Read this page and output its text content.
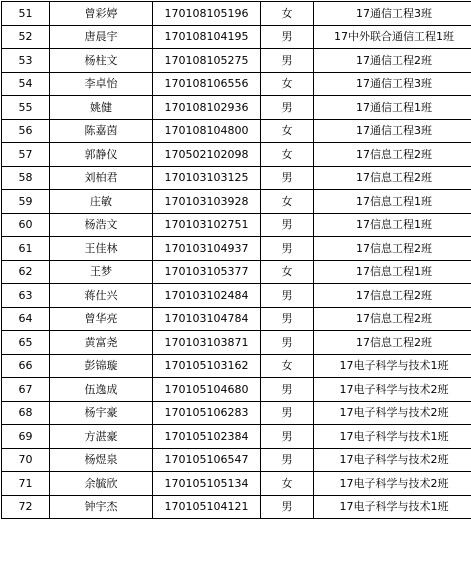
51	曾彩婷	170108105196	女	17通信工程3班
52	唐晨宇	170108104195	男	17中外联合通信工程1班
53	杨柱文	170108105275	男	17通信工程2班
54	李卓怡	170108106556	女	17通信工程3班
55	姚健	170108102936	男	17通信工程1班
56	陈嘉茵	170108104800	女	17通信工程3班
57	郭静仪	170502102098	女	17信息工程2班
58	刘柏君	170103103125	男	17信息工程2班
59	庄敏	170103103928	女	17信息工程1班
60	杨浩文	170103102751	男	17信息工程1班
61	王佳林	170103104937	男	17信息工程2班
62	王梦	170103105377	女	17信息工程1班
63	蒋仕兴	170103102484	男	17信息工程2班
64	曾华亮	170103104784	男	17信息工程2班
65	黄富尧	170103103871	男	17信息工程2班
66	彭锦璇	170105103162	女	17电子科学与技术1班
67	伍逸成	170105104680	男	17电子科学与技术2班
68	杨宇豪	170105106283	男	17电子科学与技术2班
69	方湛豪	170105102384	男	17电子科学与技术1班
70	杨煜泉	170105106547	男	17电子科学与技术2班
71	余毓欣	170105105134	女	17电子科学与技术2班
72	钟宇杰	170105104121	男	17电子科学与技术1班
